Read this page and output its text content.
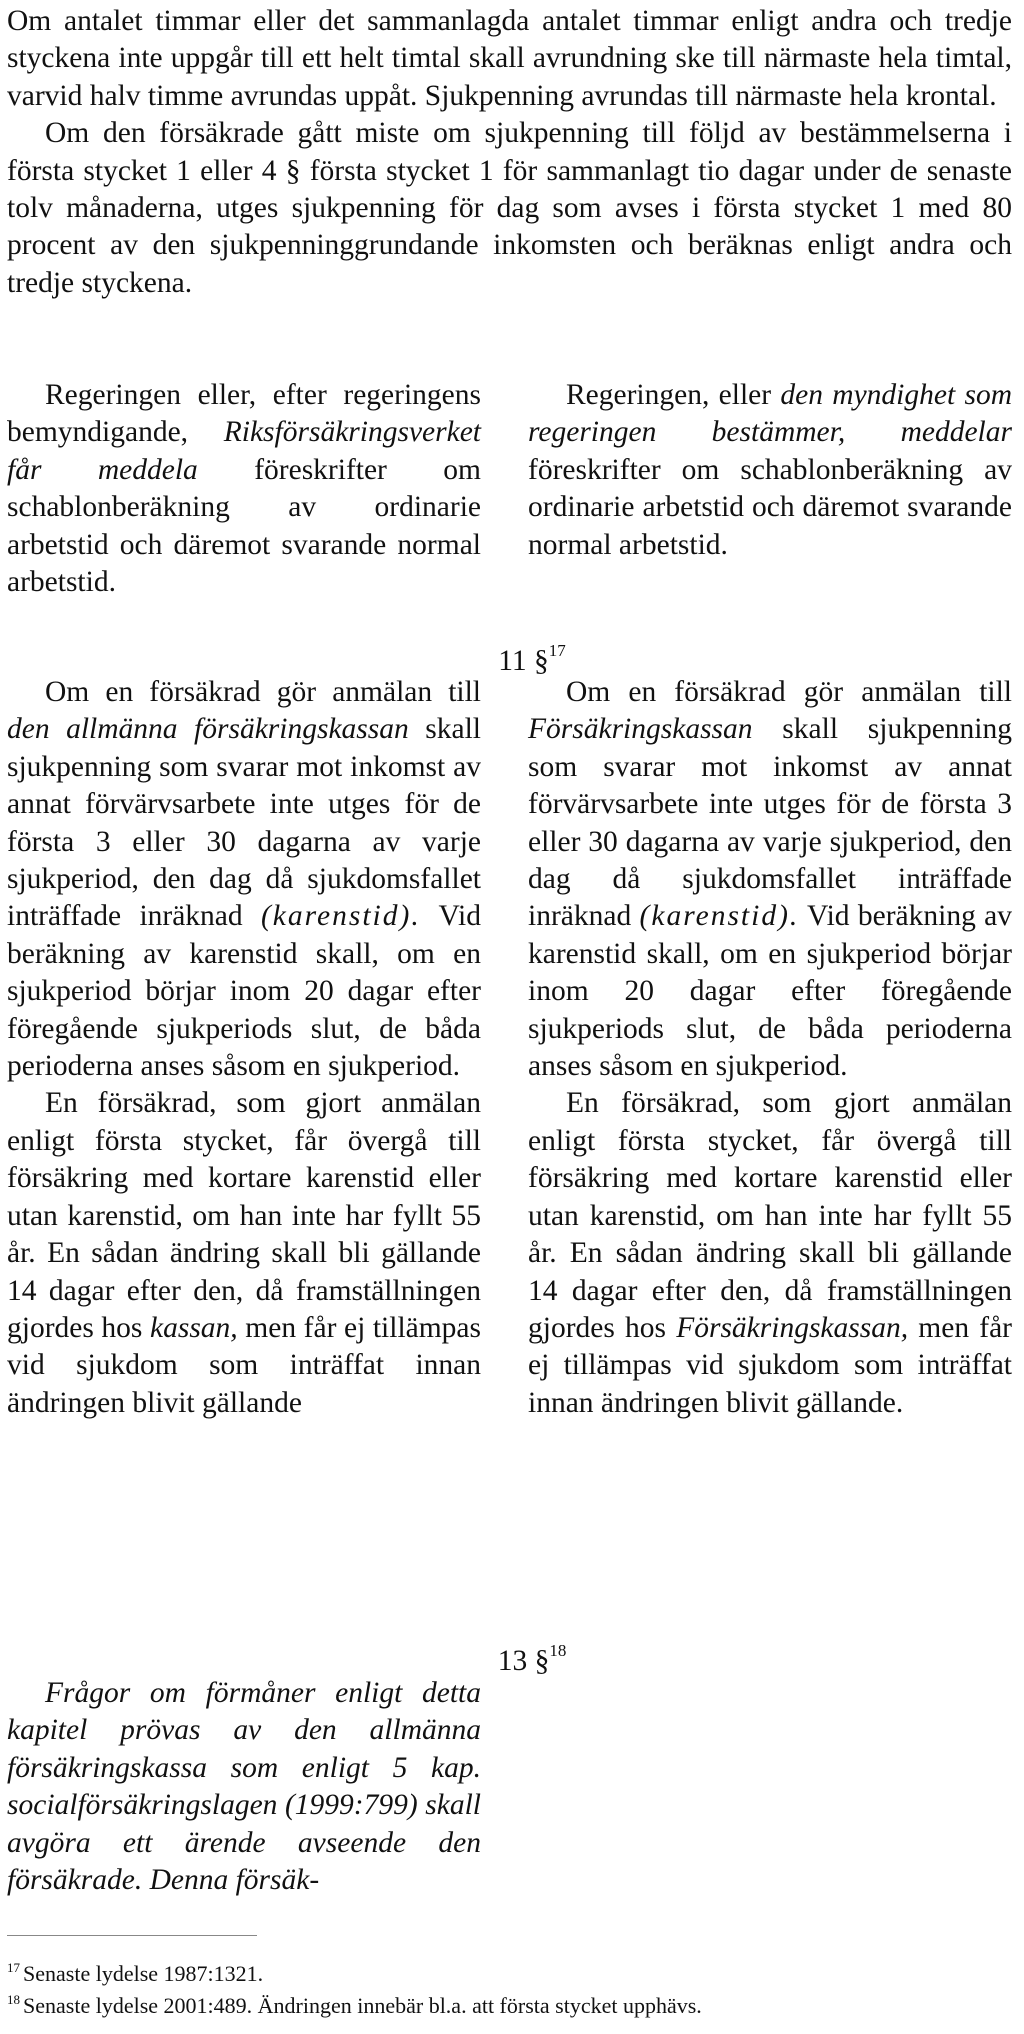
Om antalet timmar eller det sammanlagda antalet timmar enligt andra och tredje styckena inte uppgår till ett helt timtal skall avrundning ske till närmaste hela timtal, varvid halv timme avrundas uppåt. Sjukpenning avrundas till närmaste hela krontal.

Om den försäkrade gått miste om sjukpenning till följd av bestämmelserna i första stycket 1 eller 4 § första stycket 1 för sammanlagt tio dagar under de senaste tolv månaderna, utges sjukpenning för dag som avses i första stycket 1 med 80 procent av den sjukpenninggrundande inkomsten och beräknas enligt andra och tredje styckena.

Regeringen eller, efter regeringens bemyndigande, Riksförsäkringsverket får meddela föreskrifter om schablonberäkning av ordinarie arbetstid och däremot svarande normal arbetstid.

Regeringen, eller den myndighet som regeringen bestämmer, meddelar föreskrifter om schablonberäkning av ordinarie arbetstid och däremot svarande normal arbetstid.

11 §$^{17}$

Om en försäkrad gör anmälan till den allmänna försäkringskassan skall sjukpenning som svarar mot inkomst av annat förvärvsarbete inte utges för de första 3 eller 30 dagarna av varje sjukperiod, den dag då sjukdomsfallet inträffade inräknad (karenstid). Vid beräkning av karenstid skall, om en sjukperiod börjar inom 20 dagar efter föregående sjukperiods slut, de båda perioderna anses såsom en sjukperiod.

En försäkrad, som gjort anmälan enligt första stycket, får övergå till försäkring med kortare karenstid eller utan karenstid, om han inte har fyllt 55 år. En sådan ändring skall bli gällande 14 dagar efter den, då framställningen gjordes hos kassan, men får ej tillämpas vid sjukdom som inträffat innan ändringen blivit gällande

Om en försäkrad gör anmälan till Försäkringskassan skall sjukpenning som svarar mot inkomst av annat förvärvsarbete inte utges för de första 3 eller 30 dagarna av varje sjukperiod, den dag då sjukdomsfallet inträffade inräknad (karenstid). Vid beräkning av karenstid skall, om en sjukperiod börjar inom 20 dagar efter föregående sjukperiods slut, de båda perioderna anses såsom en sjukperiod.

En försäkrad, som gjort anmälan enligt första stycket, får övergå till försäkring med kortare karenstid eller utan karenstid, om han inte har fyllt 55 år. En sådan ändring skall bli gällande 14 dagar efter den, då framställningen gjordes hos Försäkringskassan, men får ej tillämpas vid sjukdom som inträffat innan ändringen blivit gällande.

13 §$^{18}$

Frågor om förmåner enligt detta kapitel prövas av den allmänna försäkringskassa som enligt 5 kap. socialförsäkringslagen (1999:799) skall avgöra ett ärende avseende den försäkrade. Denna försäk-

$^{17}$ Senaste lydelse 1987:1321.
$^{18}$ Senaste lydelse 2001:489. Ändringen innebär bl.a. att första stycket upphävs.
